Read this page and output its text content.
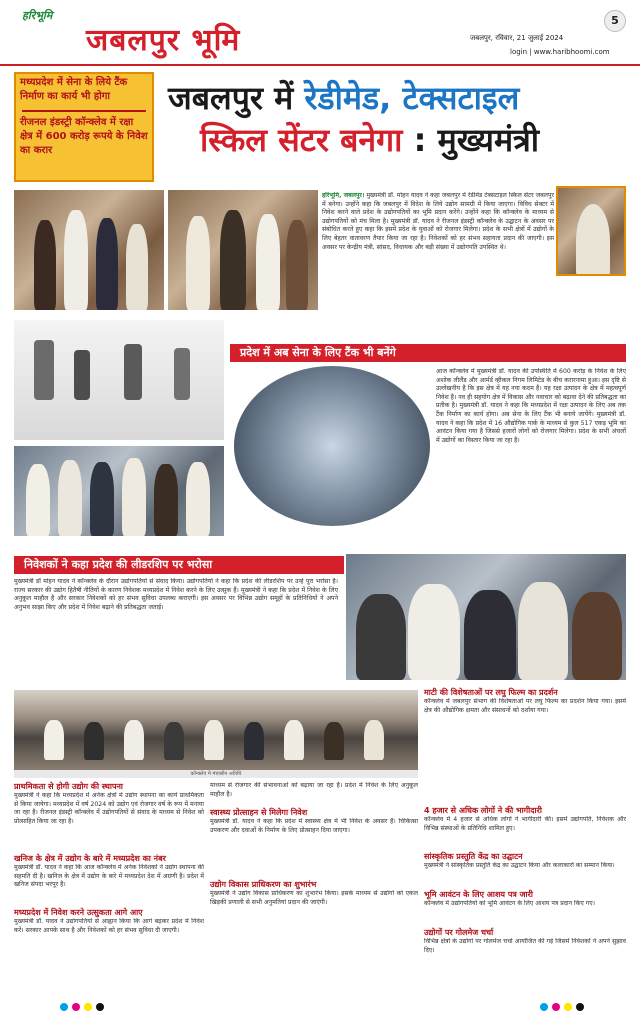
हरिभूमि
जबलपुर भूमि
5
जबलपुर, रविवार, 21 जुलाई 2024
login | www.haribhoomi.com
मध्यप्रदेश में सेना के लिये टैंक निर्माण का कार्य भी होगा
रीजनल इंडस्ट्री कॉन्क्लेव में रक्षा क्षेत्र में 600 करोड़ रूपये के निवेश का करार
जबलपुर में रेडीमेड, टेक्सटाइल
स्किल सेंटर बनेगा : मुख्यमंत्री
हरिभूमि, जबलपुर। मुख्यमंत्री डॉ. मोहन यादव ने कहा जबलपुर में रेडीमेड टेक्सटाइल स्किल सेंटर जबलपुर में बनेगा। उन्होंने कहा कि जबलपुर में विदेश के लिये उद्योग सामग्री में किया जाएगा। विविध सेक्टर में निवेश करने वाले प्रदेश के उद्योगपतियों का भूमि प्रदान करेंगे। उन्होंने कहा कि कॉन्क्लेव के माध्यम से उद्योगपतियों को मंच मिला है। मुख्यमंत्री डॉ. यादव ने रीजनल इंडस्ट्री कॉन्क्लेव के उद्घाटन के अवसर पर संबोधित करते हुए कहा कि इसमें प्रदेश के युवाओं को रोजगार मिलेगा। प्रदेश के सभी क्षेत्रों में उद्योगों के लिए बेहतर वातावरण तैयार किया जा रहा है। निवेशकों को हर संभव सहायता प्रदान की जाएगी। इस अवसर पर केन्द्रीय मंत्री, सांसद, विधायक और बड़ी संख्या में उद्योगपति उपस्थित थे।
प्रदेश में अब सेना के लिए टैंक भी बनेंगे
आज कॉन्क्लेव में मुख्यमंत्री डॉ. यादव की उपस्थिति में 600 करोड़ के निवेश के लिए अशोक लीलैंड और आर्मर्ड व्हीकल निगम लिमिटेड के बीच करारनामा हुआ। इस दृष्टि से उल्लेखनीय है कि इस क्षेत्र में यह नया कदम है। यह रक्षा उत्पादन के क्षेत्र में महत्वपूर्ण निवेश है। नव ही सहयोग क्षेत्र में विकास और नवाचार को बढ़ावा देने की प्रतिबद्धता का प्रतीक है। मुख्यमंत्री डॉ. यादव ने कहा कि मध्यप्रदेश में रक्षा उत्पादन के लिए अब तक टैंक निर्माण का कार्य होगा। अब सेना के लिए टैंक भी बनाये जायेंगे। मुख्यमंत्री डॉ. यादव ने कहा कि प्रदेश में 16 औद्योगिक पार्क के माध्यम से कुल 517 एकड़ भूमि का आवंटन किया गया है जिससे हजारों लोगों को रोजगार मिलेगा। प्रदेश के सभी अंचलों में उद्योगों का विस्तार किया जा रहा है।
निवेशकों ने कहा प्रदेश की लीडरशिप पर भरोसा
मुख्यमंत्री डॉ मोहन यादव ने कॉन्क्लेव के दौरान उद्योगपतियों से संवाद किया। उद्योगपतियों ने कहा कि प्रदेश की लीडरशिप पर उन्हें पूरा भरोसा है। राज्य सरकार की उद्योग हितैषी नीतियों के कारण निवेशक मध्यप्रदेश में निवेश करने के लिए उत्सुक हैं। मुख्यमंत्री ने कहा कि प्रदेश में निवेश के लिए अनुकूल माहौल है और सरकार निवेशकों को हर संभव सुविधा उपलब्ध कराएगी। इस अवसर पर विभिन्न उद्योग समूहों के प्रतिनिधियों ने अपने अनुभव साझा किए और प्रदेश में निवेश बढ़ाने की प्रतिबद्धता जताई।
कॉन्क्लेव में मंचासीन अतिथि
प्राथमिकता से होगी उद्योग की स्थापना
मुख्यमंत्री ने कहा कि मध्यप्रदेश में अनेक क्षेत्रों में उद्योग स्थापना का कार्य प्राथमिकता से किया जायेगा। मध्यप्रदेश में वर्ष 2024 को उद्योग एवं रोजगार वर्ष के रूप में मनाया जा रहा है। रीजनल इंडस्ट्री कॉन्क्लेव में उद्योगपतियों से संवाद के माध्यम से निवेश को प्रोत्साहित किया जा रहा है।
खनिज के क्षेत्र में उद्योग के बारे में मध्यप्रदेश का नंबर
मुख्यमंत्री डॉ. यादव ने कहा कि आज कॉन्क्लेव में अनेक निवेशकों ने उद्योग स्थापना की सहमति दी है। खनिज के क्षेत्र में उद्योग के बारे में मध्यप्रदेश देश में अग्रणी है। प्रदेश में खनिज संपदा भरपूर है।
मध्यप्रदेश में निवेश करने उत्सुकता आगे आए
मुख्यमंत्री डॉ. यादव ने उद्योगपतियों से आह्वान किया कि आगे बढ़कर प्रदेश में निवेश करें। सरकार आपके साथ है और निवेशकों को हर संभव सुविधा दी जाएगी।
माध्यम से रोजगार की संभावनाओं को बढ़ाया जा रहा है। प्रदेश में निवेश के लिए अनुकूल माहौल है।
स्वास्थ्य प्रोत्साहन से मिलेगा निवेश
मुख्यमंत्री डॉ. यादव ने कहा कि प्रदेश में स्वास्थ्य क्षेत्र में भी निवेश के अवसर हैं। चिकित्सा उपकरण और दवाओं के निर्माण के लिए प्रोत्साहन दिया जाएगा।
उद्योग विकास प्राधिकरण का शुभारंभ
मुख्यमंत्री ने उद्योग विकास प्राधिकरण का शुभारंभ किया। इसके माध्यम से उद्योगों को एकल खिड़की प्रणाली से सभी अनुमतियां प्रदान की जाएंगी।
माटी की विशेषताओं पर लघु फिल्म का प्रदर्शन
कॉन्क्लेव में जबलपुर संभाग की विशेषताओं पर लघु फिल्म का प्रदर्शन किया गया। इसमें क्षेत्र की औद्योगिक क्षमता और संसाधनों को दर्शाया गया।
4 हजार से अधिक लोगों ने की भागीदारी
कॉन्क्लेव में 4 हजार से अधिक लोगों ने भागीदारी की। इसमें उद्योगपति, निवेशक और विभिन्न संस्थाओं के प्रतिनिधि शामिल हुए।
सांस्कृतिक प्रस्तुति केंद्र का उद्घाटन
मुख्यमंत्री ने सांस्कृतिक प्रस्तुति केंद्र का उद्घाटन किया और कलाकारों का सम्मान किया।
भूमि आवंटन के लिए आशय पत्र जारी
कॉन्क्लेव में उद्योगपतियों को भूमि आवंटन के लिए आशय पत्र प्रदान किए गए।
उद्योगों पर गोलमेज चर्चा
विभिन्न क्षेत्रों के उद्योगों पर गोलमेज चर्चा आयोजित की गई जिसमें निवेशकों ने अपने सुझाव दिए।
